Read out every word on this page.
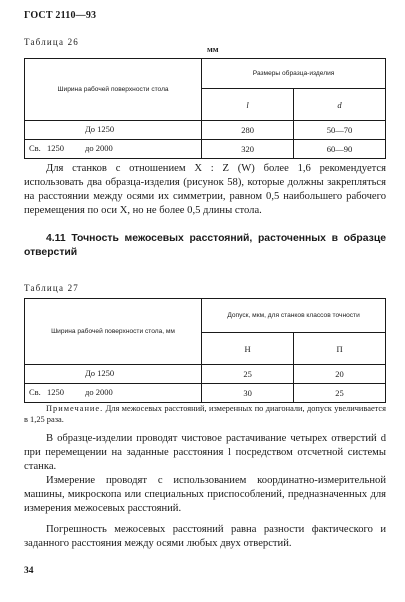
ГОСТ 2110—93
Таблица 26
мм
Ширина рабочей поверхности стола	Размеры образца-изделия	
	l	d

До 1250	280	50—70

Св. 1250 до 2000	320	60—90
Для станков с отношением X : Z (W) более 1,6 рекомендуется использовать два образца-изделия (рисунок 58), которые должны закрепляться на расстоянии между осями их симметрии, равном 0,5 наибольшего рабочего перемещения по оси X, но не более 0,5 длины стола.
4.11 Точность межосевых расстояний, расточенных в образце отверстий
Таблица 27
Ширина рабочей поверхности стола, мм	Допуск, мкм, для станков классов точности	
	Н	П

До 1250	25	20

Св. 1250 до 2000	30	25
Примечание. Для межосевых расстояний, измеренных по диагонали, допуск увеличивается в 1,25 раза.
В образце-изделии проводят чистовое растачивание четырех отверстий d при перемещении на заданные расстояния l посредством отсчетной системы станка.
Измерение проводят с использованием координатно-измерительной машины, микроскопа или специальных приспособлений, предназначенных для измерения межосевых расстояний.
Погрешность межосевых расстояний равна разности фактического и заданного расстояния между осями любых двух отверстий.
34
